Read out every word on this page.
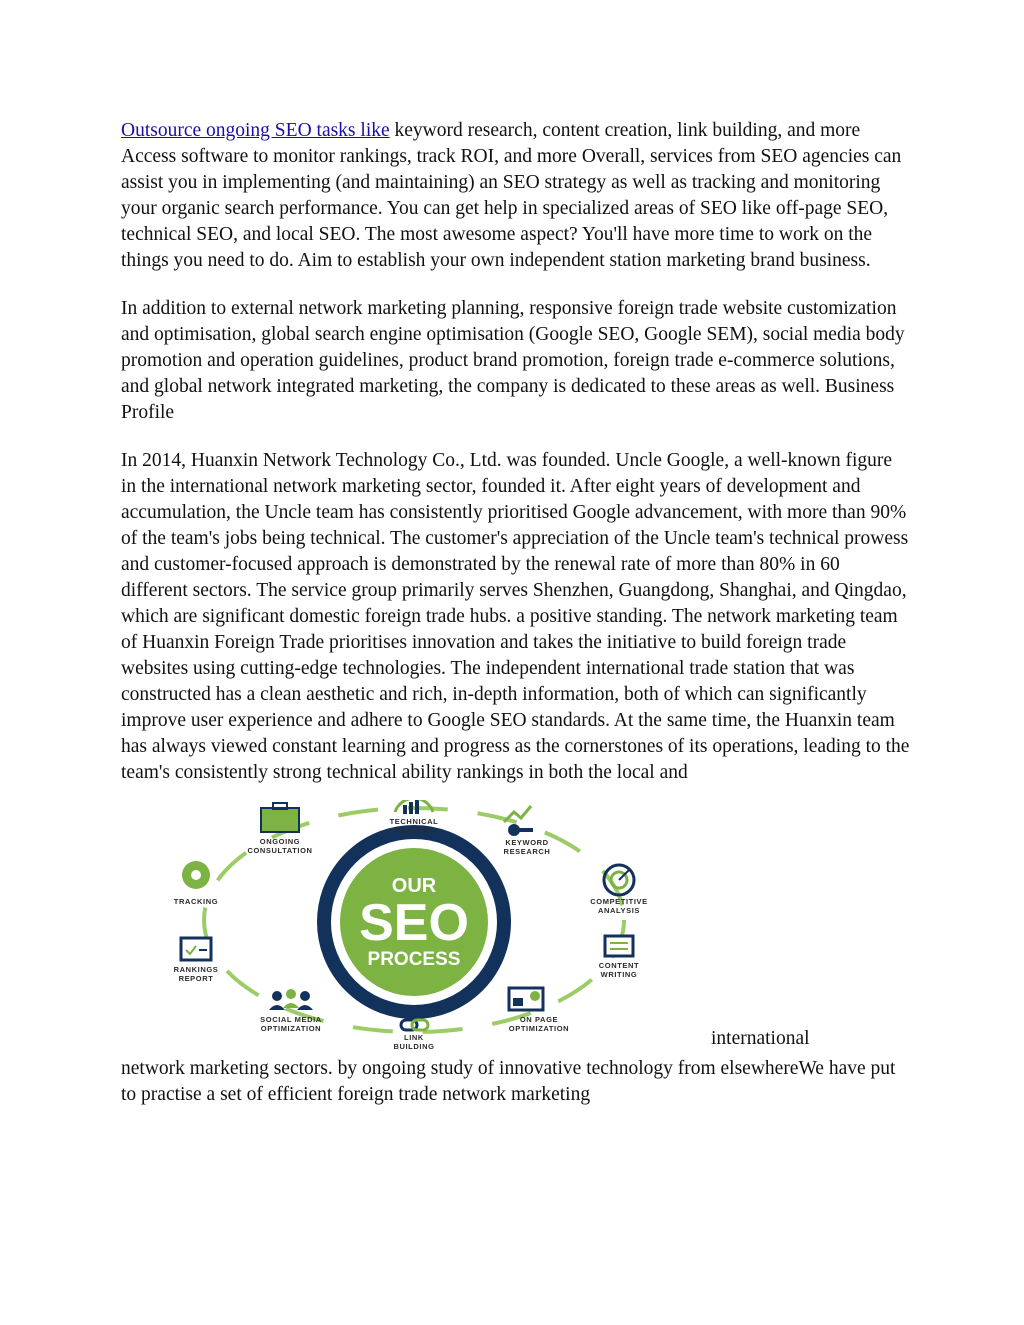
Outsource ongoing SEO tasks like keyword research, content creation, link building, and more Access software to monitor rankings, track ROI, and more Overall, services from SEO agencies can assist you in implementing (and maintaining) an SEO strategy as well as tracking and monitoring your organic search performance. You can get help in specialized areas of SEO like off-page SEO, technical SEO, and local SEO. The most awesome aspect? You'll have more time to work on the things you need to do. Aim to establish your own independent station marketing brand business.

In addition to external network marketing planning, responsive foreign trade website customization and optimisation, global search engine optimisation (Google SEO, Google SEM), social media body promotion and operation guidelines, product brand promotion, foreign trade e-commerce solutions, and global network integrated marketing, the company is dedicated to these areas as well. Business Profile

In 2014, Huanxin Network Technology Co., Ltd. was founded. Uncle Google, a well-known figure in the international network marketing sector, founded it. After eight years of development and accumulation, the Uncle team has consistently prioritised Google advancement, with more than 90% of the team's jobs being technical. The customer's appreciation of the Uncle team's technical prowess and customer-focused approach is demonstrated by the renewal rate of more than 80% in 60 different sectors. The service group primarily serves Shenzhen, Guangdong, Shanghai, and Qingdao, which are significant domestic foreign trade hubs. a positive standing. The network marketing team of Huanxin Foreign Trade prioritises innovation and takes the initiative to build foreign trade websites using cutting-edge technologies. The independent international trade station that was constructed has a clean aesthetic and rich, in-depth information, both of which can significantly improve user experience and adhere to Google SEO standards. At the same time, the Huanxin team has always viewed constant learning and progress as the cornerstones of its operations, leading to the team's consistently strong technical ability rankings in both the local and

OUR
SEO
PROCESS
TECHNICAL
ANALYSIS
KEYWORD
RESEARCH
COMPETITIVE
ANALYSIS
CONTENT
WRITING
ON PAGE
OPTIMIZATION
LINK
BUILDING
SOCIAL MEDIA
OPTIMIZATION
RANKINGS
REPORT
TRACKING
ONGOING
CONSULTATION
international

network marketing sectors. by ongoing study of innovative technology from elsewhereWe have put to practise a set of efficient foreign trade network marketing
